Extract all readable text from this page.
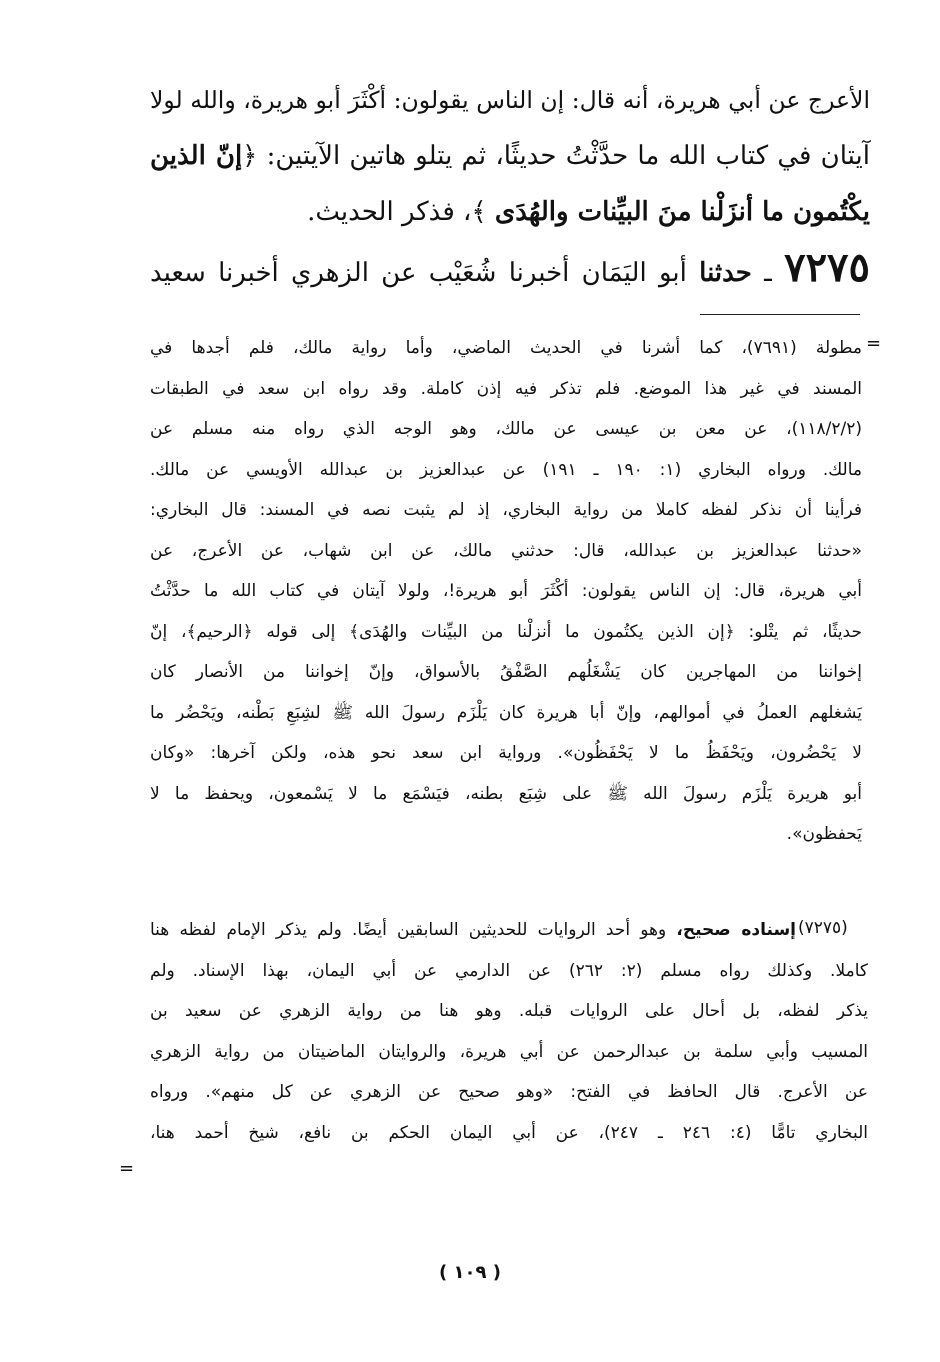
الأعرج عن أبي هريرة، أنه قال: إن الناس يقولون: أكْثَرَ أبو هريرة، والله لولا
آيتان في كتاب الله ما حدَّثْتُ حديثًا، ثم يتلو هاتين الآيتين: ﴿إنّ الذين
يكْتُمون ما أنزَلْنا منَ البيِّنات والهُدَى ﴾، فذكر الحديث.
٧٢٧٥ ـ حدثنا أبو اليَمَان أخبرنا شُعَيْب عن الزهري أخبرنا سعيد
=
مطولة (٧٦٩١)، كما أشرنا في الحديث الماضي، وأما رواية مالك، فلم أجدها في
المسند في غير هذا الموضع. فلم تذكر فيه إذن كاملة. وقد رواه ابن سعد في الطبقات
(١١٨/٢/٢)، عن معن بن عيسى عن مالك، وهو الوجه الذي رواه منه مسلم عن
مالك. ورواه البخاري (١: ١٩٠ ـ ١٩١) عن عبدالعزيز بن عبدالله الأويسي عن مالك.
فرأينا أن نذكر لفظه كاملا من رواية البخاري، إذ لم يثبت نصه في المسند: قال البخاري:
«حدثنا عبدالعزيز بن عبدالله، قال: حدثني مالك، عن ابن شهاب، عن الأعرج، عن
أبي هريرة، قال: إن الناس يقولون: أكْثَرَ أبو هريرة!، ولولا آيتان في كتاب الله ما حدَّثْتُ
حديثًا، ثم يتْلو: ﴿إن الذين يكتُمون ما أنزلْنا من البيِّنات والهُدَى﴾ إلى قوله ﴿الرحيم﴾، إنّ
إخواننا من المهاجرين كان يَشْغَلُهم الصَّفْقُ بالأسواق، وإنّ إخواننا من الأنصار كان
يَشغلهم العملُ في أموالهم، وإنّ أبا هريرة كان يَلْزَم رسولَ الله ﷺ لشِبَعِ بَطْنه، ويَحْضُر ما
لا يَحْضُرون، ويَحْفَظُ ما لا يَحْفَظُون». ورواية ابن سعد نحو هذه، ولكن آخرها: «وكان
أبو هريرة يَلْزَم رسولَ الله ﷺ على شِبَع بطنه، فيَسْمَع ما لا يَسْمعون، ويحفظ ما لا
يَحفظون».
(٧٢٧٥)
إسناده صحيح، وهو أحد الروايات للحديثين السابقين أيضًا. ولم يذكر الإمام لفظه هنا
كاملا. وكذلك رواه مسلم (٢: ٢٦٢) عن الدارمي عن أبي اليمان، بهذا الإسناد. ولم
يذكر لفظه، بل أحال على الروايات قبله. وهو هنا من رواية الزهري عن سعيد بن
المسيب وأبي سلمة بن عبدالرحمن عن أبي هريرة، والروايتان الماضيتان من رواية الزهري
عن الأعرج. قال الحافظ في الفتح: «وهو صحيح عن الزهري عن كل منهم». ورواه
البخاري تامًّا (٤: ٢٤٦ ـ ٢٤٧)، عن أبي اليمان الحكم بن نافع، شيخ أحمد هنا،
=
( ١٠٩ )
